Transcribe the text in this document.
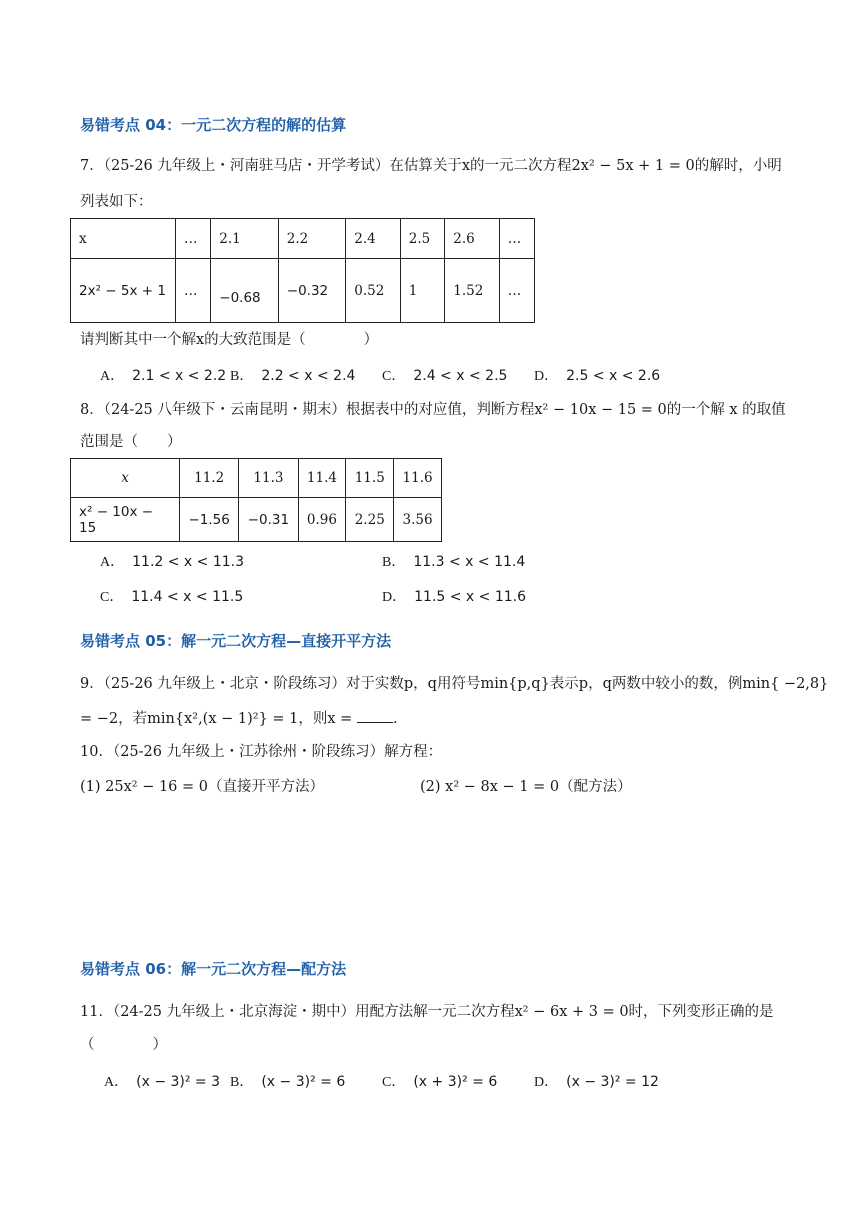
易错考点 04：一元二次方程的解的估算
7．（25-26 九年级上・河南驻马店・开学考试）在估算关于x的一元二次方程2x² − 5x + 1 = 0的解时，小明
列表如下：
x	…	2.1	2.2	2.4	2.5	2.6	…
2x² − 5x + 1	…	−0.68	−0.32	0.52	1	1.52	…
请判断其中一个解x的大致范围是（　　　　）
A． 2.1 < x < 2.2 B． 2.2 < x < 2.4 C． 2.4 < x < 2.5 D． 2.5 < x < 2.6
8．（24-25 八年级下・云南昆明・期末）根据表中的对应值，判断方程x² − 10x − 15 = 0的一个解 x 的取值
范围是（　　）
x	11.2	11.3	11.4	11.5	11.6
x² − 10x − 15	−1.56	−0.31	0.96	2.25	3.56
A． 11.2 < x < 11.3	B． 11.3 < x < 11.4
C． 11.4 < x < 11.5	D． 11.5 < x < 11.6
易错考点 05：解一元二次方程—直接开平方法
9．（25-26 九年级上・北京・阶段练习）对于实数p，q用符号min{p,q}表示p，q两数中较小的数，例min{ −2,8}
= −2，若min{x²,(x − 1)²} = 1，则x =	.
10．（25-26 九年级上・江苏徐州・阶段练习）解方程：
(1) 25x² − 16 = 0（直接开平方法）	(2) x² − 8x − 1 = 0（配方法）
易错考点 06：解一元二次方程—配方法
11．（24-25 九年级上・北京海淀・期中）用配方法解一元二次方程x² − 6x + 3 = 0时，下列变形正确的是
（　　　　）
A． (x − 3)² = 3 B． (x − 3)² = 6	C． (x + 3)² = 6	D． (x − 3)² = 12
